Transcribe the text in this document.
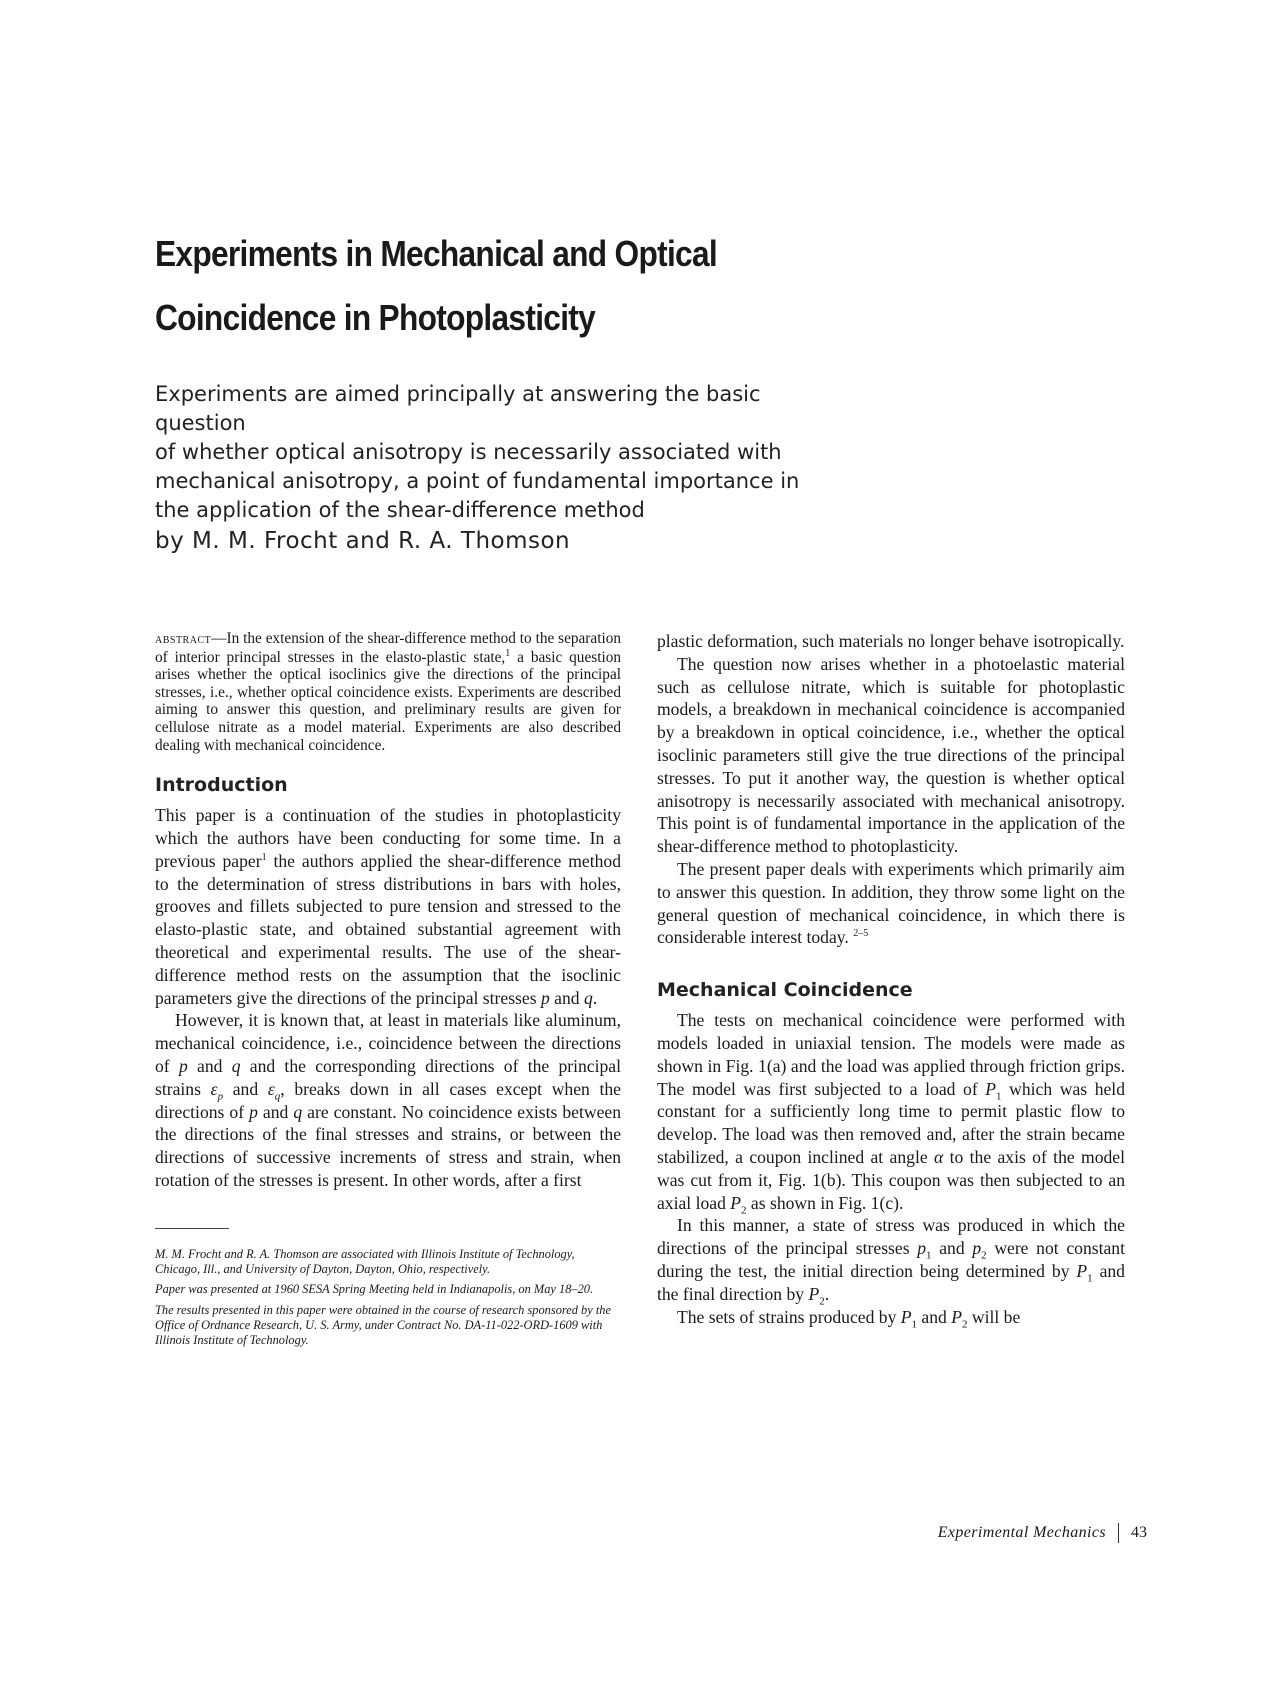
Experiments in Mechanical and Optical
Coincidence in Photoplasticity

Experiments are aimed principally at answering the basic question
of whether optical anisotropy is necessarily associated with
mechanical anisotropy, a point of fundamental importance in
the application of the shear-difference method

by M. M. Frocht and R. A. Thomson

abstract—In the extension of the shear-difference method to the separation of interior principal stresses in the elasto-plastic state,$^1$ a basic question arises whether the optical isoclinics give the directions of the principal stresses, i.e., whether optical coincidence exists. Experiments are described aiming to answer this question, and preliminary results are given for cellulose nitrate as a model material. Experiments are also described dealing with mechanical coincidence.

Introduction

This paper is a continuation of the studies in photoplasticity which the authors have been conducting for some time. In a previous paper$^1$ the authors applied the shear-difference method to the determination of stress distributions in bars with holes, grooves and fillets subjected to pure tension and stressed to the elasto-plastic state, and obtained substantial agreement with theoretical and experimental results. The use of the shear-difference method rests on the assumption that the isoclinic parameters give the directions of the principal stresses p and q.

However, it is known that, at least in materials like aluminum, mechanical coincidence, i.e., coincidence between the directions of p and q and the corresponding directions of the principal strains $\varepsilon_p$ and $\varepsilon_q$, breaks down in all cases except when the directions of p and q are constant. No coincidence exists between the directions of the final stresses and strains, or between the directions of successive increments of stress and strain, when rotation of the stresses is present. In other words, after a first

M. M. Frocht and R. A. Thomson are associated with Illinois Institute of Technology, Chicago, Ill., and University of Dayton, Dayton, Ohio, respectively.

Paper was presented at 1960 SESA Spring Meeting held in Indianapolis, on May 18–20.

The results presented in this paper were obtained in the course of research sponsored by the Office of Ordnance Research, U. S. Army, under Contract No. DA-11-022-ORD-1609 with Illinois Institute of Technology.

plastic deformation, such materials no longer behave isotropically.

The question now arises whether in a photoelastic material such as cellulose nitrate, which is suitable for photoplastic models, a breakdown in mechanical coincidence is accompanied by a breakdown in optical coincidence, i.e., whether the optical isoclinic parameters still give the true directions of the principal stresses. To put it another way, the question is whether optical anisotropy is necessarily associated with mechanical anisotropy. This point is of fundamental importance in the application of the shear-difference method to photoplasticity.

The present paper deals with experiments which primarily aim to answer this question. In addition, they throw some light on the general question of mechanical coincidence, in which there is considerable interest today. $^{2-5}$

Mechanical Coincidence

The tests on mechanical coincidence were performed with models loaded in uniaxial tension. The models were made as shown in Fig. 1(a) and the load was applied through friction grips. The model was first subjected to a load of $P_1$ which was held constant for a sufficiently long time to permit plastic flow to develop. The load was then removed and, after the strain became stabilized, a coupon inclined at angle α to the axis of the model was cut from it, Fig. 1(b). This coupon was then subjected to an axial load $P_2$ as shown in Fig. 1(c).

In this manner, a state of stress was produced in which the directions of the principal stresses $p_1$ and $p_2$ were not constant during the test, the initial direction being determined by $P_1$ and the final direction by $P_2$.

The sets of strains produced by $P_1$ and $P_2$ will be

Experimental Mechanics 43
